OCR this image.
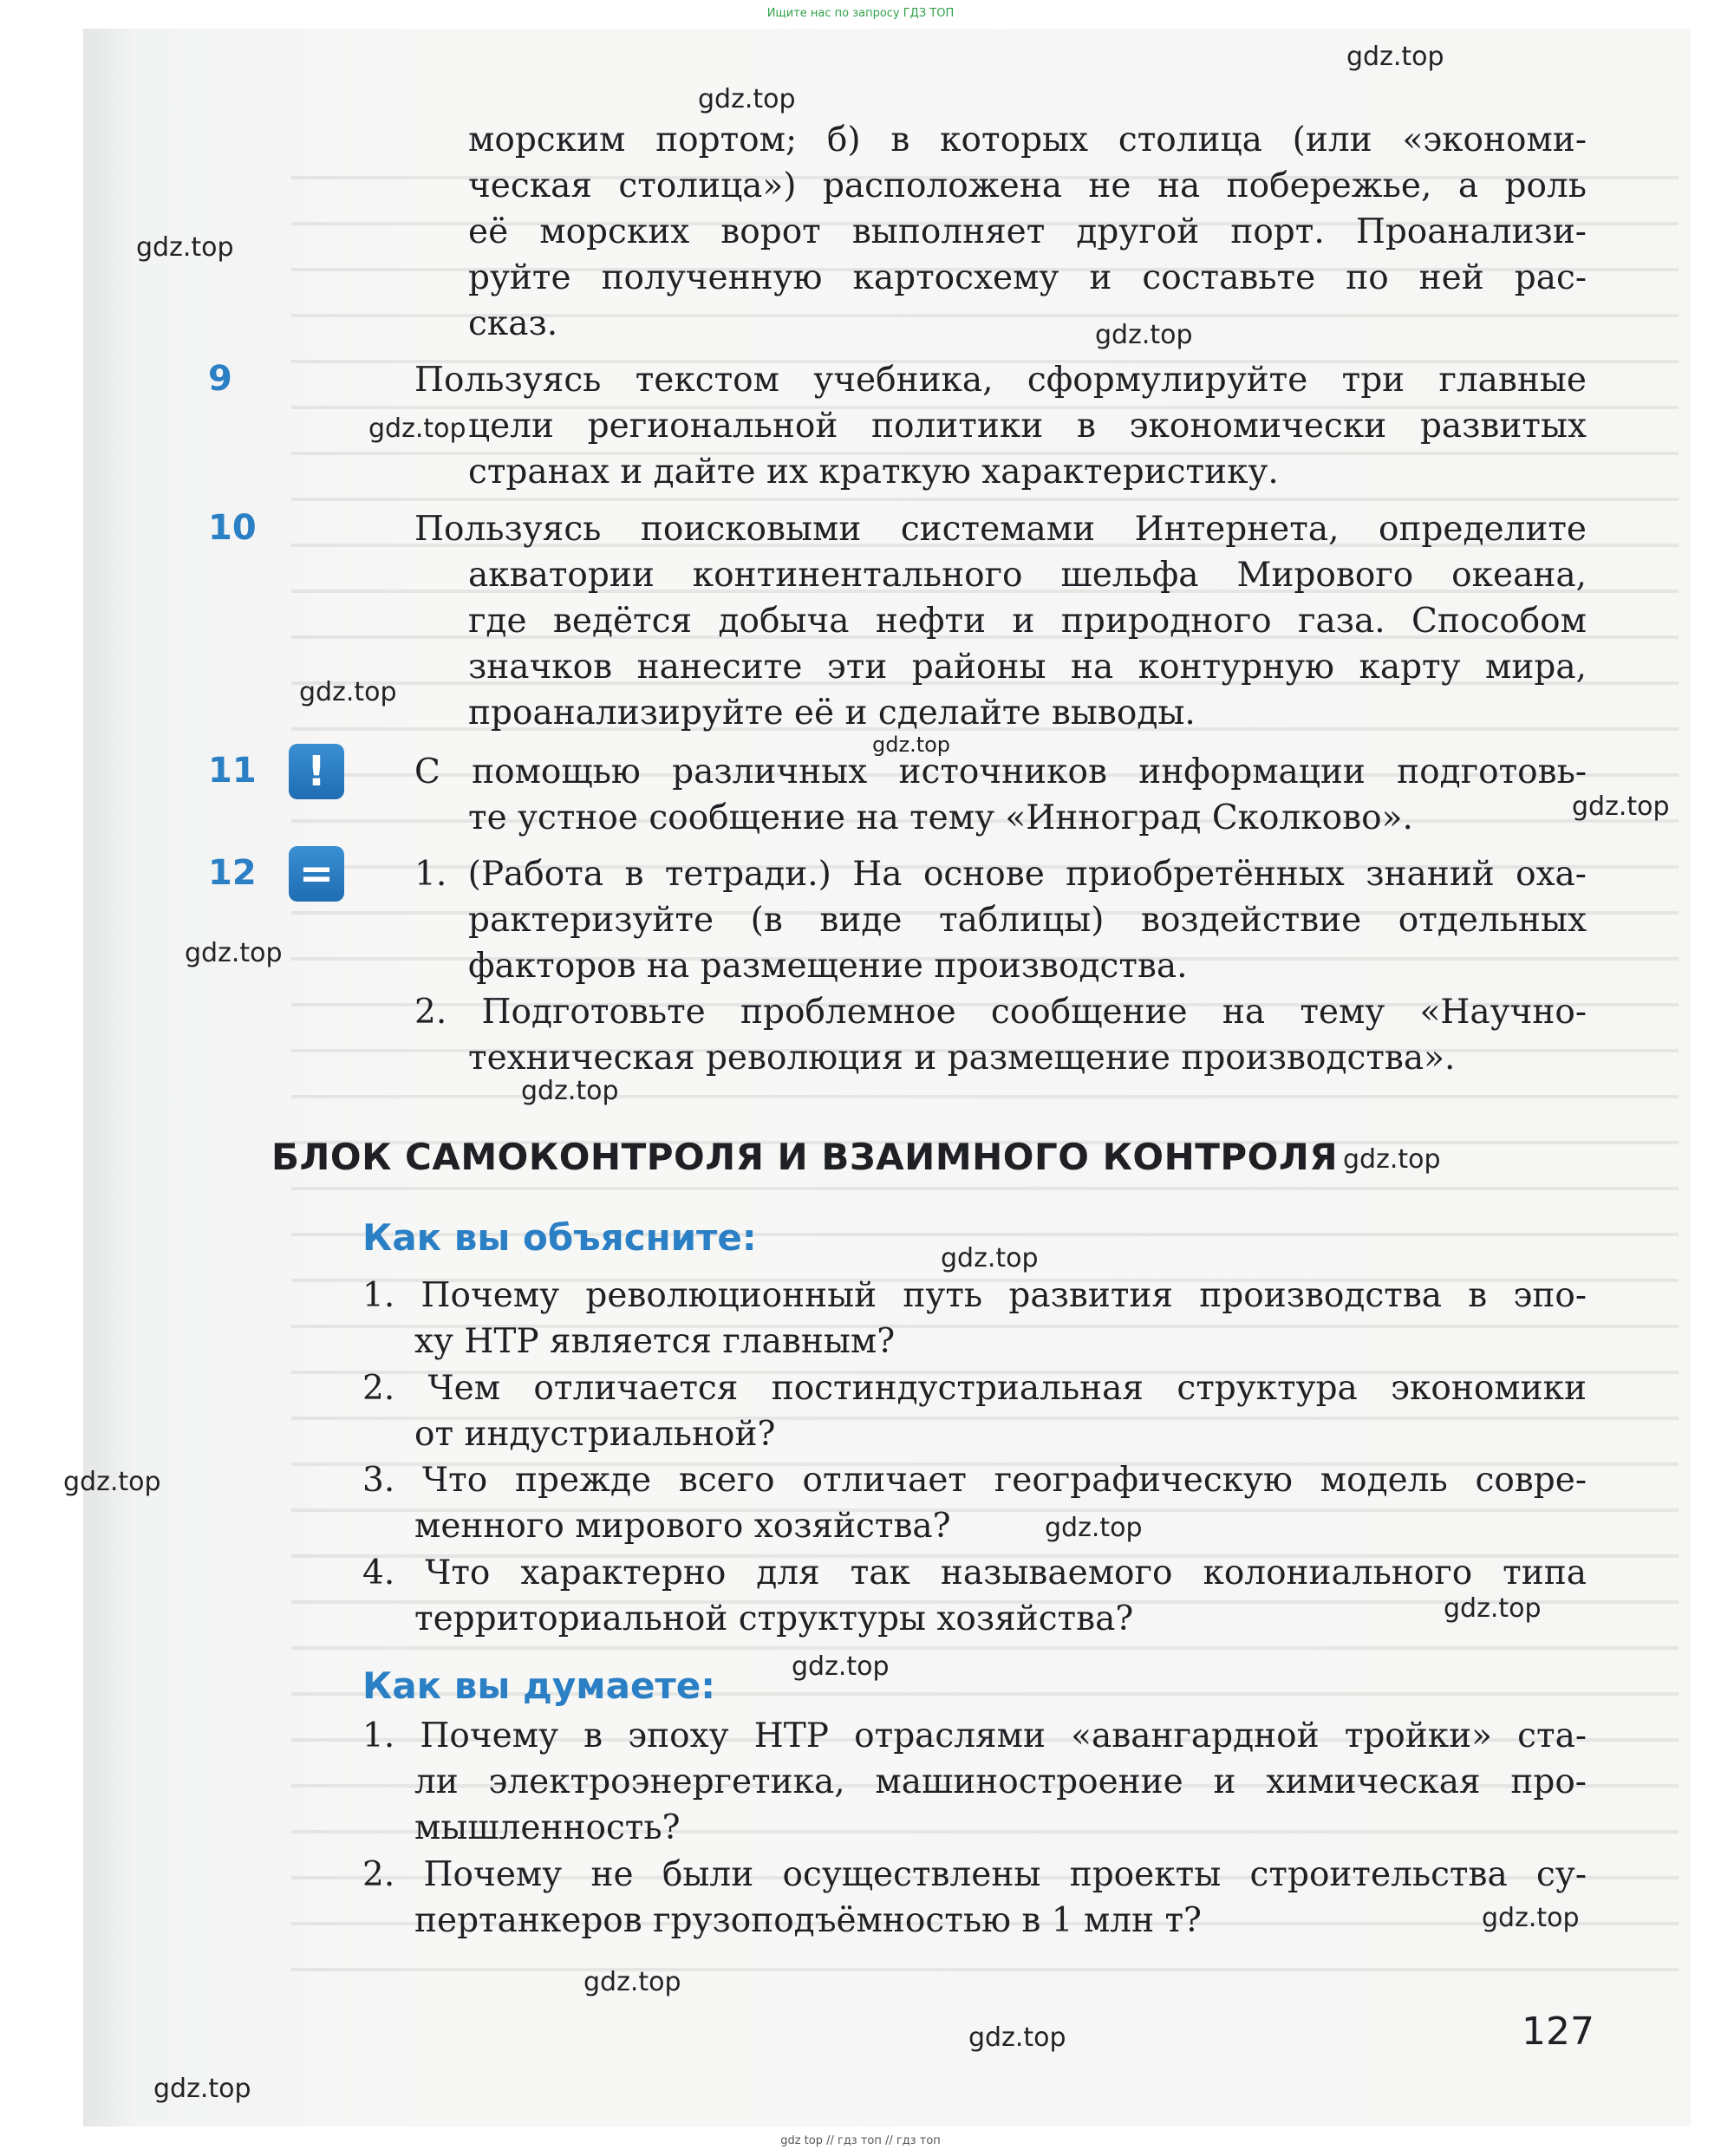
Ищите нас по запросу ГДЗ ТОП
морским портом; б) в которых столица (или «экономи-
ческая столица») расположена не на побережье, а роль
её морских ворот выполняет другой порт. Проанализи-
руйте полученную картосхему и составьте по ней рас-
сказ.
9	Пользуясь текстом учебника, сформулируйте три главные
цели региональной политики в экономически развитых
странах и дайте их краткую характеристику.
10	Пользуясь поисковыми системами Интернета, определите
акватории континентального шельфа Мирового океана,
где ведётся добыча нефти и природного газа. Способом
значков нанесите эти районы на контурную карту мира,
проанализируйте её и сделайте выводы.
11	!	С помощью различных источников информации подготовь-
те устное сообщение на тему «Инноград Сколково».
12 =	1. (Работа в тетради.) На основе приобретённых знаний оха-
рактеризуйте (в виде таблицы) воздействие отдельных
факторов на размещение производства.
2. Подготовьте проблемное сообщение на тему «Научно-
техническая революция и размещение производства».
БЛОК САМОКОНТРОЛЯ И ВЗАИМНОГО КОНТРОЛЯ
Как вы объясните:
1. Почему революционный путь развития производства в эпо-
ху НТР является главным?
2. Чем отличается постиндустриальная структура экономики
от индустриальной?
3. Что прежде всего отличает географическую модель совре-
менного мирового хозяйства?
4. Что характерно для так называемого колониального типа
территориальной структуры хозяйства?
Как вы думаете:
1. Почему в эпоху НТР отраслями «авангардной тройки» ста-
ли электроэнергетика, машиностроение и химическая про-
мышленность?
2. Почему не были осуществлены проекты строительства су-
пертанкеров грузоподъёмностью в 1 млн т?
127
gdz.top
gdz.top
gdz.top
gdz.top
gdz.top
gdz.top
gdz.top
gdz.top
gdz.top
gdz.top
gdz.top
gdz.top
gdz.top
gdz.top
gdz.top
gdz.top
gdz.top
gdz.top
gdz.top
gdz.top
gdz top // гдз топ // гдз топ
